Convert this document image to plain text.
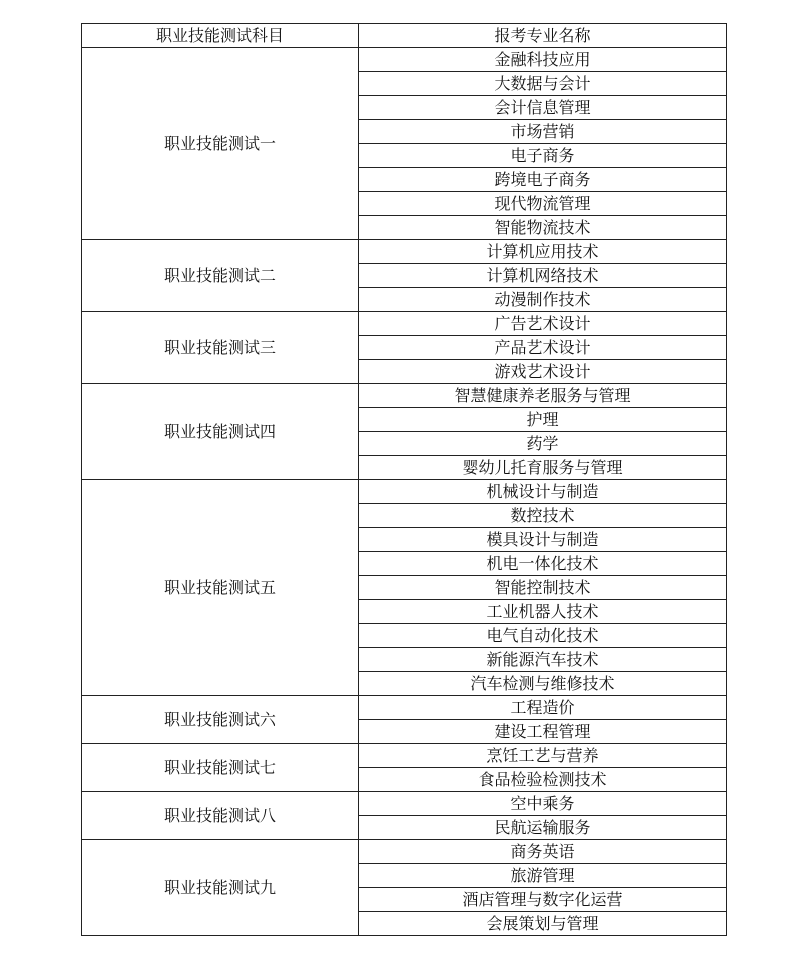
职业技能测试科目	报考专业名称
职业技能测试一	金融科技应用
	大数据与会计
	会计信息管理
	市场营销
	电子商务
	跨境电子商务
	现代物流管理
	智能物流技术
职业技能测试二	计算机应用技术
	计算机网络技术
	动漫制作技术
职业技能测试三	广告艺术设计
	产品艺术设计
	游戏艺术设计
职业技能测试四	智慧健康养老服务与管理
	护理
	药学
	婴幼儿托育服务与管理
职业技能测试五	机械设计与制造
	数控技术
	模具设计与制造
	机电一体化技术
	智能控制技术
	工业机器人技术
	电气自动化技术
	新能源汽车技术
	汽车检测与维修技术
职业技能测试六	工程造价
	建设工程管理
职业技能测试七	烹饪工艺与营养
	食品检验检测技术
职业技能测试八	空中乘务
	民航运输服务
职业技能测试九	商务英语
	旅游管理
	酒店管理与数字化运营
	会展策划与管理
